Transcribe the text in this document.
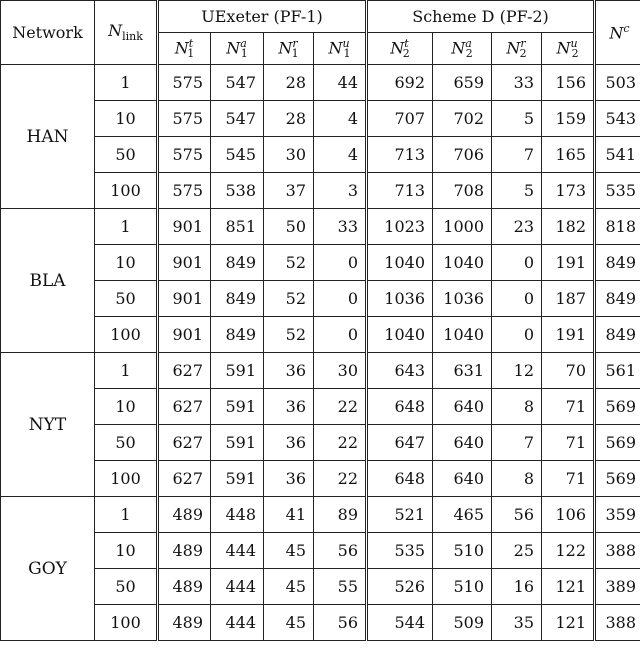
Network	$N_{link}$	UExeter (PF-1)				Scheme D (PF-2)				$N^c$
		$N^t_1$	$N^a_1$	$N^r_1$	$N^u_1$	$N^t_2$	$N^a_2$	$N^r_2$	$N^u_2$
HAN	1	575	547	28	44	692	659	33	156	503
	10	575	547	28	4	707	702	5	159	543
	50	575	545	30	4	713	706	7	165	541
	100	575	538	37	3	713	708	5	173	535
BLA	1	901	851	50	33	1023	1000	23	182	818
	10	901	849	52	0	1040	1040	0	191	849
	50	901	849	52	0	1036	1036	0	187	849
	100	901	849	52	0	1040	1040	0	191	849
NYT	1	627	591	36	30	643	631	12	70	561
	10	627	591	36	22	648	640	8	71	569
	50	627	591	36	22	647	640	7	71	569
	100	627	591	36	22	648	640	8	71	569
GOY	1	489	448	41	89	521	465	56	106	359
	10	489	444	45	56	535	510	25	122	388
	50	489	444	45	55	526	510	16	121	389
	100	489	444	45	56	544	509	35	121	388
